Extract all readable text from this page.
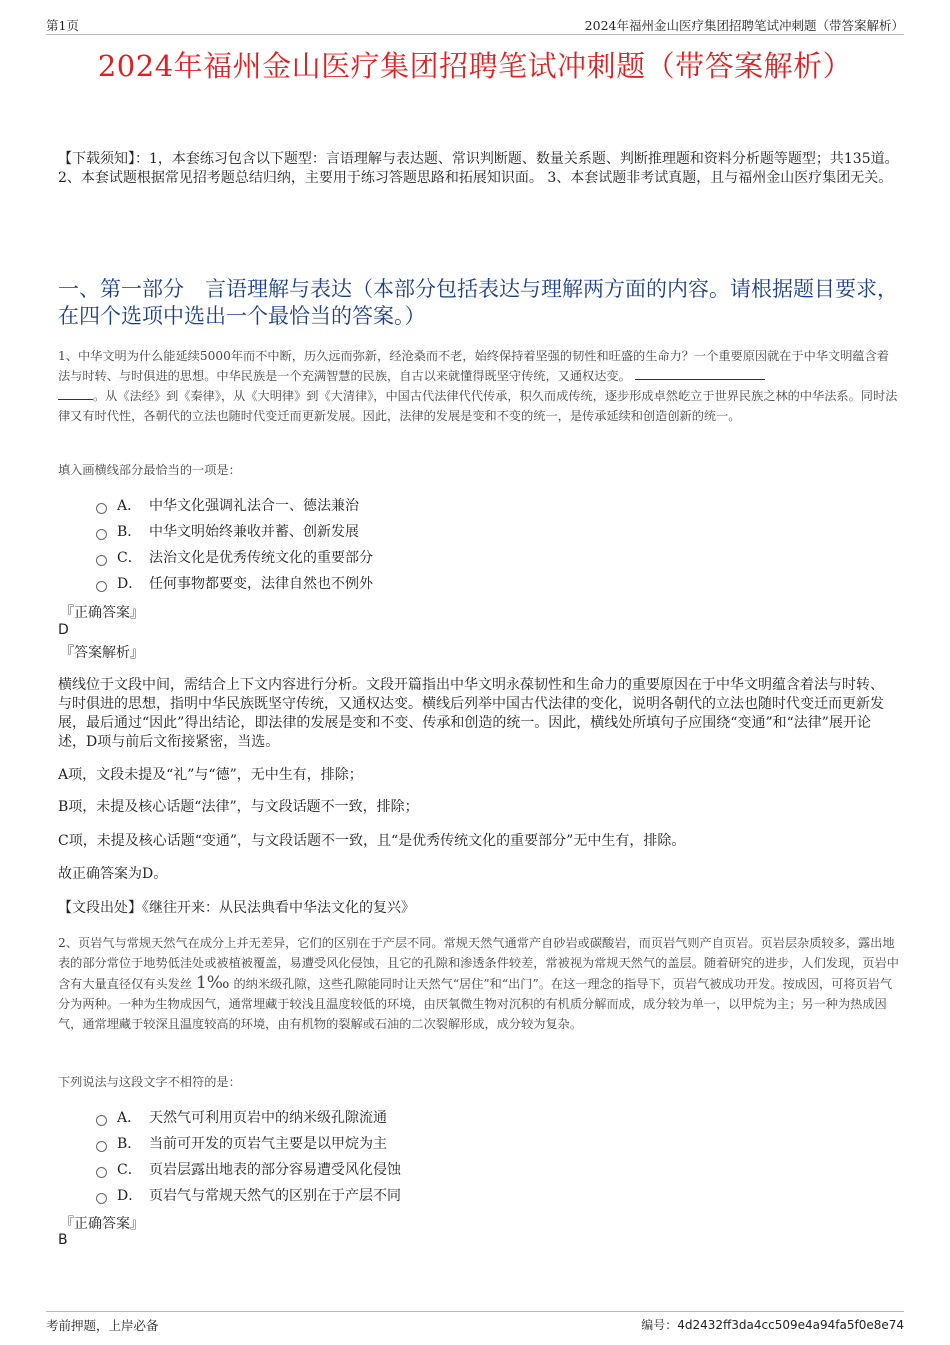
第1页	2024年福州金山医疗集团招聘笔试冲刺题（带答案解析）
2024年福州金山医疗集团招聘笔试冲刺题（带答案解析）
【下载须知】：1，本套练习包含以下题型：言语理解与表达题、常识判断题、数量关系题、判断推理题和资料分析题等题型；共135道。 2、本套试题根据常见招考题总结归纳，主要用于练习答题思路和拓展知识面。 3、本套试题非考试真题，且与福州金山医疗集团无关。
一、第一部分　言语理解与表达（本部分包括表达与理解两方面的内容。请根据题目要求，在四个选项中选出一个最恰当的答案。）
1、中华文明为什么能延续5000年而不中断，历久远而弥新，经沧桑而不老，始终保持着坚强的韧性和旺盛的生命力？一个重要原因就在于中华文明蕴含着法与时转、与时俱进的思想。中华民族是一个充满智慧的民族，自古以来就懂得既坚守传统，又通权达变。
。从《法经》到《秦律》，从《大明律》到《大清律》，中国古代法律代代传承，积久而成传统，逐步形成卓然屹立于世界民族之林的中华法系。同时法律又有时代性，各朝代的立法也随时代变迁而更新发展。因此，法律的发展是变和不变的统一，是传承延续和创造创新的统一。
填入画横线部分最恰当的一项是：
A． 中华文化强调礼法合一、德法兼治
B． 中华文明始终兼收并蓄、创新发展
C． 法治文化是优秀传统文化的重要部分
D． 任何事物都要变，法律自然也不例外
『正确答案』
D
『答案解析』
横线位于文段中间，需结合上下文内容进行分析。文段开篇指出中华文明永葆韧性和生命力的重要原因在于中华文明蕴含着法与时转、与时俱进的思想，指明中华民族既坚守传统，又通权达变。横线后列举中国古代法律的变化，说明各朝代的立法也随时代变迁而更新发展，最后通过“因此”得出结论，即法律的发展是变和不变、传承和创造的统一。因此，横线处所填句子应围绕“变通”和“法律”展开论述，D项与前后文衔接紧密，当选。
A项，文段未提及“礼”与“德”，无中生有，排除；
B项，未提及核心话题“法律”，与文段话题不一致，排除；
C项，未提及核心话题“变通”，与文段话题不一致，且“是优秀传统文化的重要部分”无中生有，排除。
故正确答案为D。
【文段出处】《继往开来：从民法典看中华法文化的复兴》
2、页岩气与常规天然气在成分上并无差异，它们的区别在于产层不同。常规天然气通常产自砂岩或碳酸岩，而页岩气则产自页岩。页岩层杂质较多，露出地表的部分常位于地势低洼处或被植被覆盖，易遭受风化侵蚀，且它的孔隙和渗透条件较差，常被视为常规天然气的盖层。随着研究的进步，人们发现，页岩中含有大量直径仅有头发丝 1‰ 的纳米级孔隙，这些孔隙能同时让天然气“居住”和“出门”。在这一理念的指导下，页岩气被成功开发。按成因，可将页岩气分为两种。一种为生物成因气，通常埋藏于较浅且温度较低的环境，由厌氧微生物对沉积的有机质分解而成，成分较为单一，以甲烷为主；另一种为热成因气，通常埋藏于较深且温度较高的环境，由有机物的裂解或石油的二次裂解形成，成分较为复杂。
下列说法与这段文字不相符的是：
A． 天然气可利用页岩中的纳米级孔隙流通
B． 当前可开发的页岩气主要是以甲烷为主
C． 页岩层露出地表的部分容易遭受风化侵蚀
D． 页岩气与常规天然气的区别在于产层不同
『正确答案』
B
考前押题，上岸必备	编号：4d2432ff3da4cc509e4a94fa5f0e8e74
